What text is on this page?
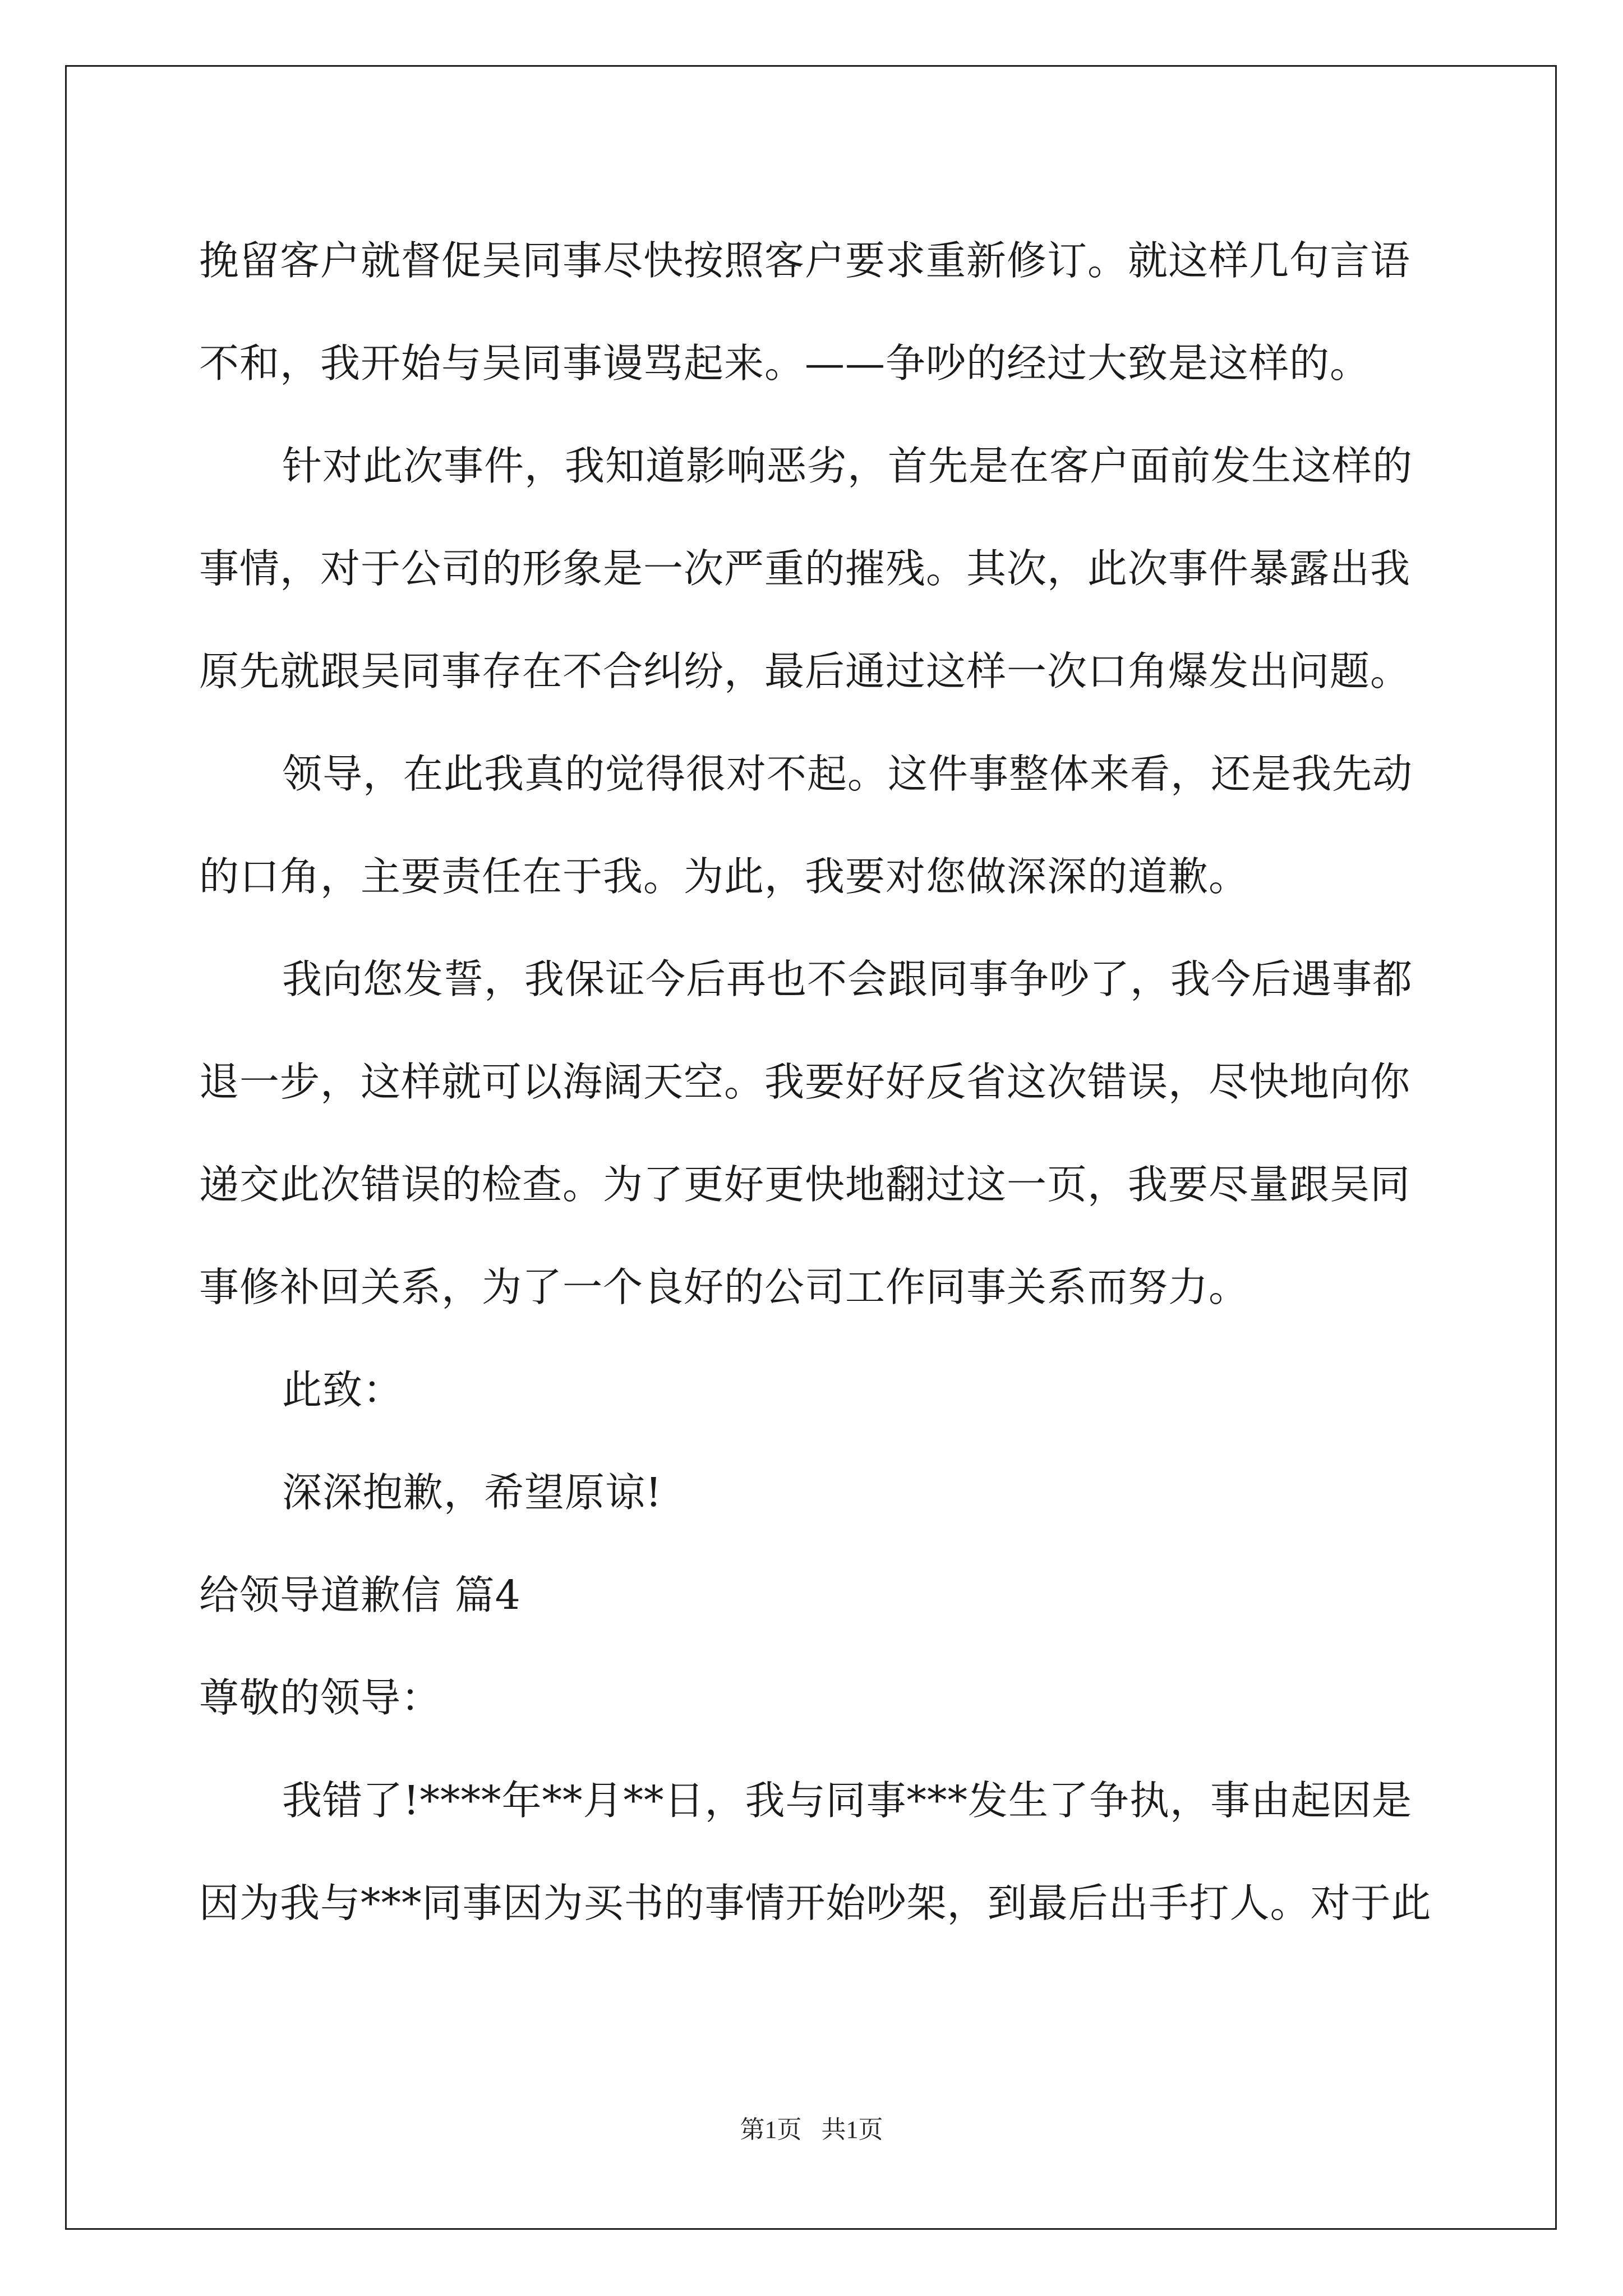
挽留客户就督促吴同事尽快按照客户要求重新修订。就这样几句言语

不和，我开始与吴同事谩骂起来。——争吵的经过大致是这样的。

针对此次事件，我知道影响恶劣，首先是在客户面前发生这样的

事情，对于公司的形象是一次严重的摧残。其次，此次事件暴露出我

原先就跟吴同事存在不合纠纷，最后通过这样一次口角爆发出问题。

领导，在此我真的觉得很对不起。这件事整体来看，还是我先动

的口角，主要责任在于我。为此，我要对您做深深的道歉。

我向您发誓，我保证今后再也不会跟同事争吵了，我今后遇事都

退一步，这样就可以海阔天空。我要好好反省这次错误，尽快地向你

递交此次错误的检查。为了更好更快地翻过这一页，我要尽量跟吴同

事修补回关系，为了一个良好的公司工作同事关系而努力。

此致：

深深抱歉，希望原谅!

给领导道歉信 篇4

尊敬的领导：

我错了!****年**月**日，我与同事***发生了争执，事由起因是

因为我与***同事因为买书的事情开始吵架，到最后出手打人。对于此

第1页 共1页
